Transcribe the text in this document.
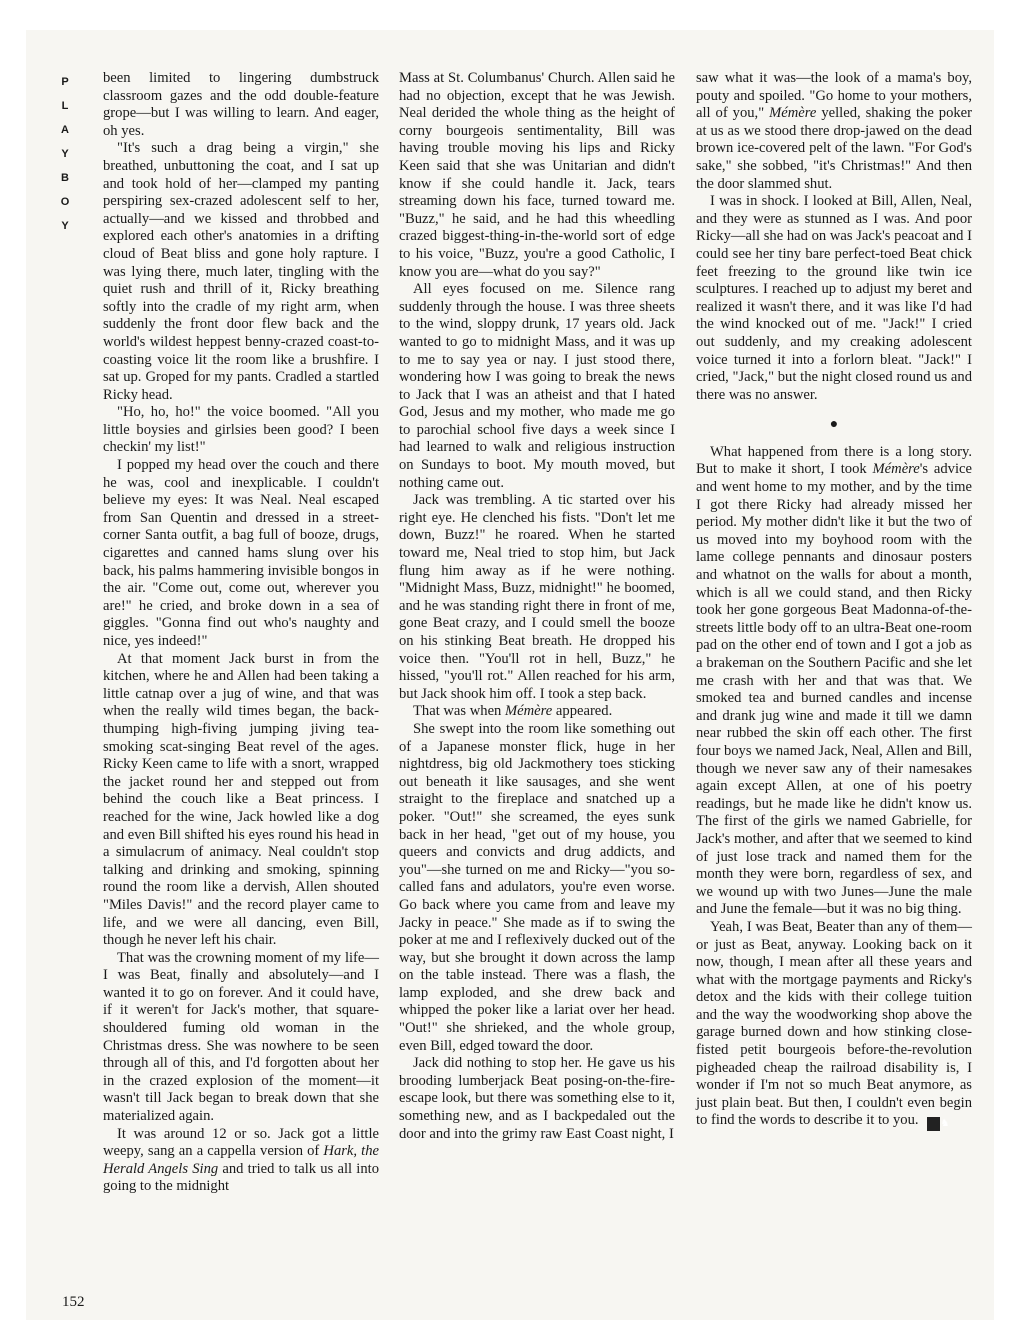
P
L
A
Y
B
O
Y
152

been limited to lingering dumbstruck classroom gazes and the odd double-feature grope—but I was willing to learn. And eager, oh yes.

"It's such a drag being a virgin," she breathed, unbuttoning the coat, and I sat up and took hold of her—clamped my panting perspiring sex-crazed adolescent self to her, actually—and we kissed and throbbed and explored each other's anatomies in a drifting cloud of Beat bliss and gone holy rapture. I was lying there, much later, tingling with the quiet rush and thrill of it, Ricky breathing softly into the cradle of my right arm, when suddenly the front door flew back and the world's wildest heppest benny-crazed coast-to-coasting voice lit the room like a brushfire. I sat up. Groped for my pants. Cradled a startled Ricky head.

"Ho, ho, ho!" the voice boomed. "All you little boysies and girlsies been good? I been checkin' my list!"

I popped my head over the couch and there he was, cool and inexplicable. I couldn't believe my eyes: It was Neal. Neal escaped from San Quentin and dressed in a street-corner Santa outfit, a bag full of booze, drugs, cigarettes and canned hams slung over his back, his palms hammering invisible bongos in the air. "Come out, come out, wherever you are!" he cried, and broke down in a sea of giggles. "Gonna find out who's naughty and nice, yes indeed!"

At that moment Jack burst in from the kitchen, where he and Allen had been taking a little catnap over a jug of wine, and that was when the really wild times began, the back-thumping high-fiving jumping jiving tea-smoking scat-singing Beat revel of the ages. Ricky Keen came to life with a snort, wrapped the jacket round her and stepped out from behind the couch like a Beat princess. I reached for the wine, Jack howled like a dog and even Bill shifted his eyes round his head in a simulacrum of animacy. Neal couldn't stop talking and drinking and smoking, spinning round the room like a dervish, Allen shouted "Miles Davis!" and the record player came to life, and we were all dancing, even Bill, though he never left his chair.

That was the crowning moment of my life—I was Beat, finally and absolutely—and I wanted it to go on forever. And it could have, if it weren't for Jack's mother, that square-shouldered fuming old woman in the Christmas dress. She was nowhere to be seen through all of this, and I'd forgotten about her in the crazed explosion of the moment—it wasn't till Jack began to break down that she materialized again.

It was around 12 or so. Jack got a little weepy, sang an a cappella version of Hark, the Herald Angels Sing and tried to talk us all into going to the midnight

Mass at St. Columbanus' Church. Allen said he had no objection, except that he was Jewish. Neal derided the whole thing as the height of corny bourgeois sentimentality, Bill was having trouble moving his lips and Ricky Keen said that she was Unitarian and didn't know if she could handle it. Jack, tears streaming down his face, turned toward me. "Buzz," he said, and he had this wheedling crazed biggest-thing-in-the-world sort of edge to his voice, "Buzz, you're a good Catholic, I know you are—what do you say?"

All eyes focused on me. Silence rang suddenly through the house. I was three sheets to the wind, sloppy drunk, 17 years old. Jack wanted to go to midnight Mass, and it was up to me to say yea or nay. I just stood there, wondering how I was going to break the news to Jack that I was an atheist and that I hated God, Jesus and my mother, who made me go to parochial school five days a week since I had learned to walk and religious instruction on Sundays to boot. My mouth moved, but nothing came out.

Jack was trembling. A tic started over his right eye. He clenched his fists. "Don't let me down, Buzz!" he roared. When he started toward me, Neal tried to stop him, but Jack flung him away as if he were nothing. "Midnight Mass, Buzz, midnight!" he boomed, and he was standing right there in front of me, gone Beat crazy, and I could smell the booze on his stinking Beat breath. He dropped his voice then. "You'll rot in hell, Buzz," he hissed, "you'll rot." Allen reached for his arm, but Jack shook him off. I took a step back.

That was when Mémère appeared.

She swept into the room like something out of a Japanese monster flick, huge in her nightdress, big old Jackmothery toes sticking out beneath it like sausages, and she went straight to the fireplace and snatched up a poker. "Out!" she screamed, the eyes sunk back in her head, "get out of my house, you queers and convicts and drug addicts, and you"—she turned on me and Ricky—"you so-called fans and adulators, you're even worse. Go back where you came from and leave my Jacky in peace." She made as if to swing the poker at me and I reflexively ducked out of the way, but she brought it down across the lamp on the table instead. There was a flash, the lamp exploded, and she drew back and whipped the poker like a lariat over her head. "Out!" she shrieked, and the whole group, even Bill, edged toward the door.

Jack did nothing to stop her. He gave us his brooding lumberjack Beat posing-on-the-fire-escape look, but there was something else to it, something new, and as I backpedaled out the door and into the grimy raw East Coast night, I

saw what it was—the look of a mama's boy, pouty and spoiled. "Go home to your mothers, all of you," Mémère yelled, shaking the poker at us as we stood there drop-jawed on the dead brown ice-covered pelt of the lawn. "For God's sake," she sobbed, "it's Christmas!" And then the door slammed shut.

I was in shock. I looked at Bill, Allen, Neal, and they were as stunned as I was. And poor Ricky—all she had on was Jack's peacoat and I could see her tiny bare perfect-toed Beat chick feet freezing to the ground like twin ice sculptures. I reached up to adjust my beret and realized it wasn't there, and it was like I'd had the wind knocked out of me. "Jack!" I cried out suddenly, and my creaking adolescent voice turned it into a forlorn bleat. "Jack!" I cried, "Jack," but the night closed round us and there was no answer.

●

What happened from there is a long story. But to make it short, I took Mémère's advice and went home to my mother, and by the time I got there Ricky had already missed her period. My mother didn't like it but the two of us moved into my boyhood room with the lame college pennants and dinosaur posters and whatnot on the walls for about a month, which is all we could stand, and then Ricky took her gone gorgeous Beat Madonna-of-the-streets little body off to an ultra-Beat one-room pad on the other end of town and I got a job as a brakeman on the Southern Pacific and she let me crash with her and that was that. We smoked tea and burned candles and incense and drank jug wine and made it till we damn near rubbed the skin off each other. The first four boys we named Jack, Neal, Allen and Bill, though we never saw any of their namesakes again except Allen, at one of his poetry readings, but he made like he didn't know us. The first of the girls we named Gabrielle, for Jack's mother, and after that we seemed to kind of just lose track and named them for the month they were born, regardless of sex, and we wound up with two Junes—June the male and June the female—but it was no big thing.

Yeah, I was Beat, Beater than any of them—or just as Beat, anyway. Looking back on it now, though, I mean after all these years and what with the mortgage payments and Ricky's detox and the kids with their college tuition and the way the woodworking shop above the garage burned down and how stinking close-fisted petit bourgeois before-the-revolution pigheaded cheap the railroad disability is, I wonder if I'm not so much Beat anymore, as just plain beat. But then, I couldn't even begin to find the words to describe it to you. ♞
